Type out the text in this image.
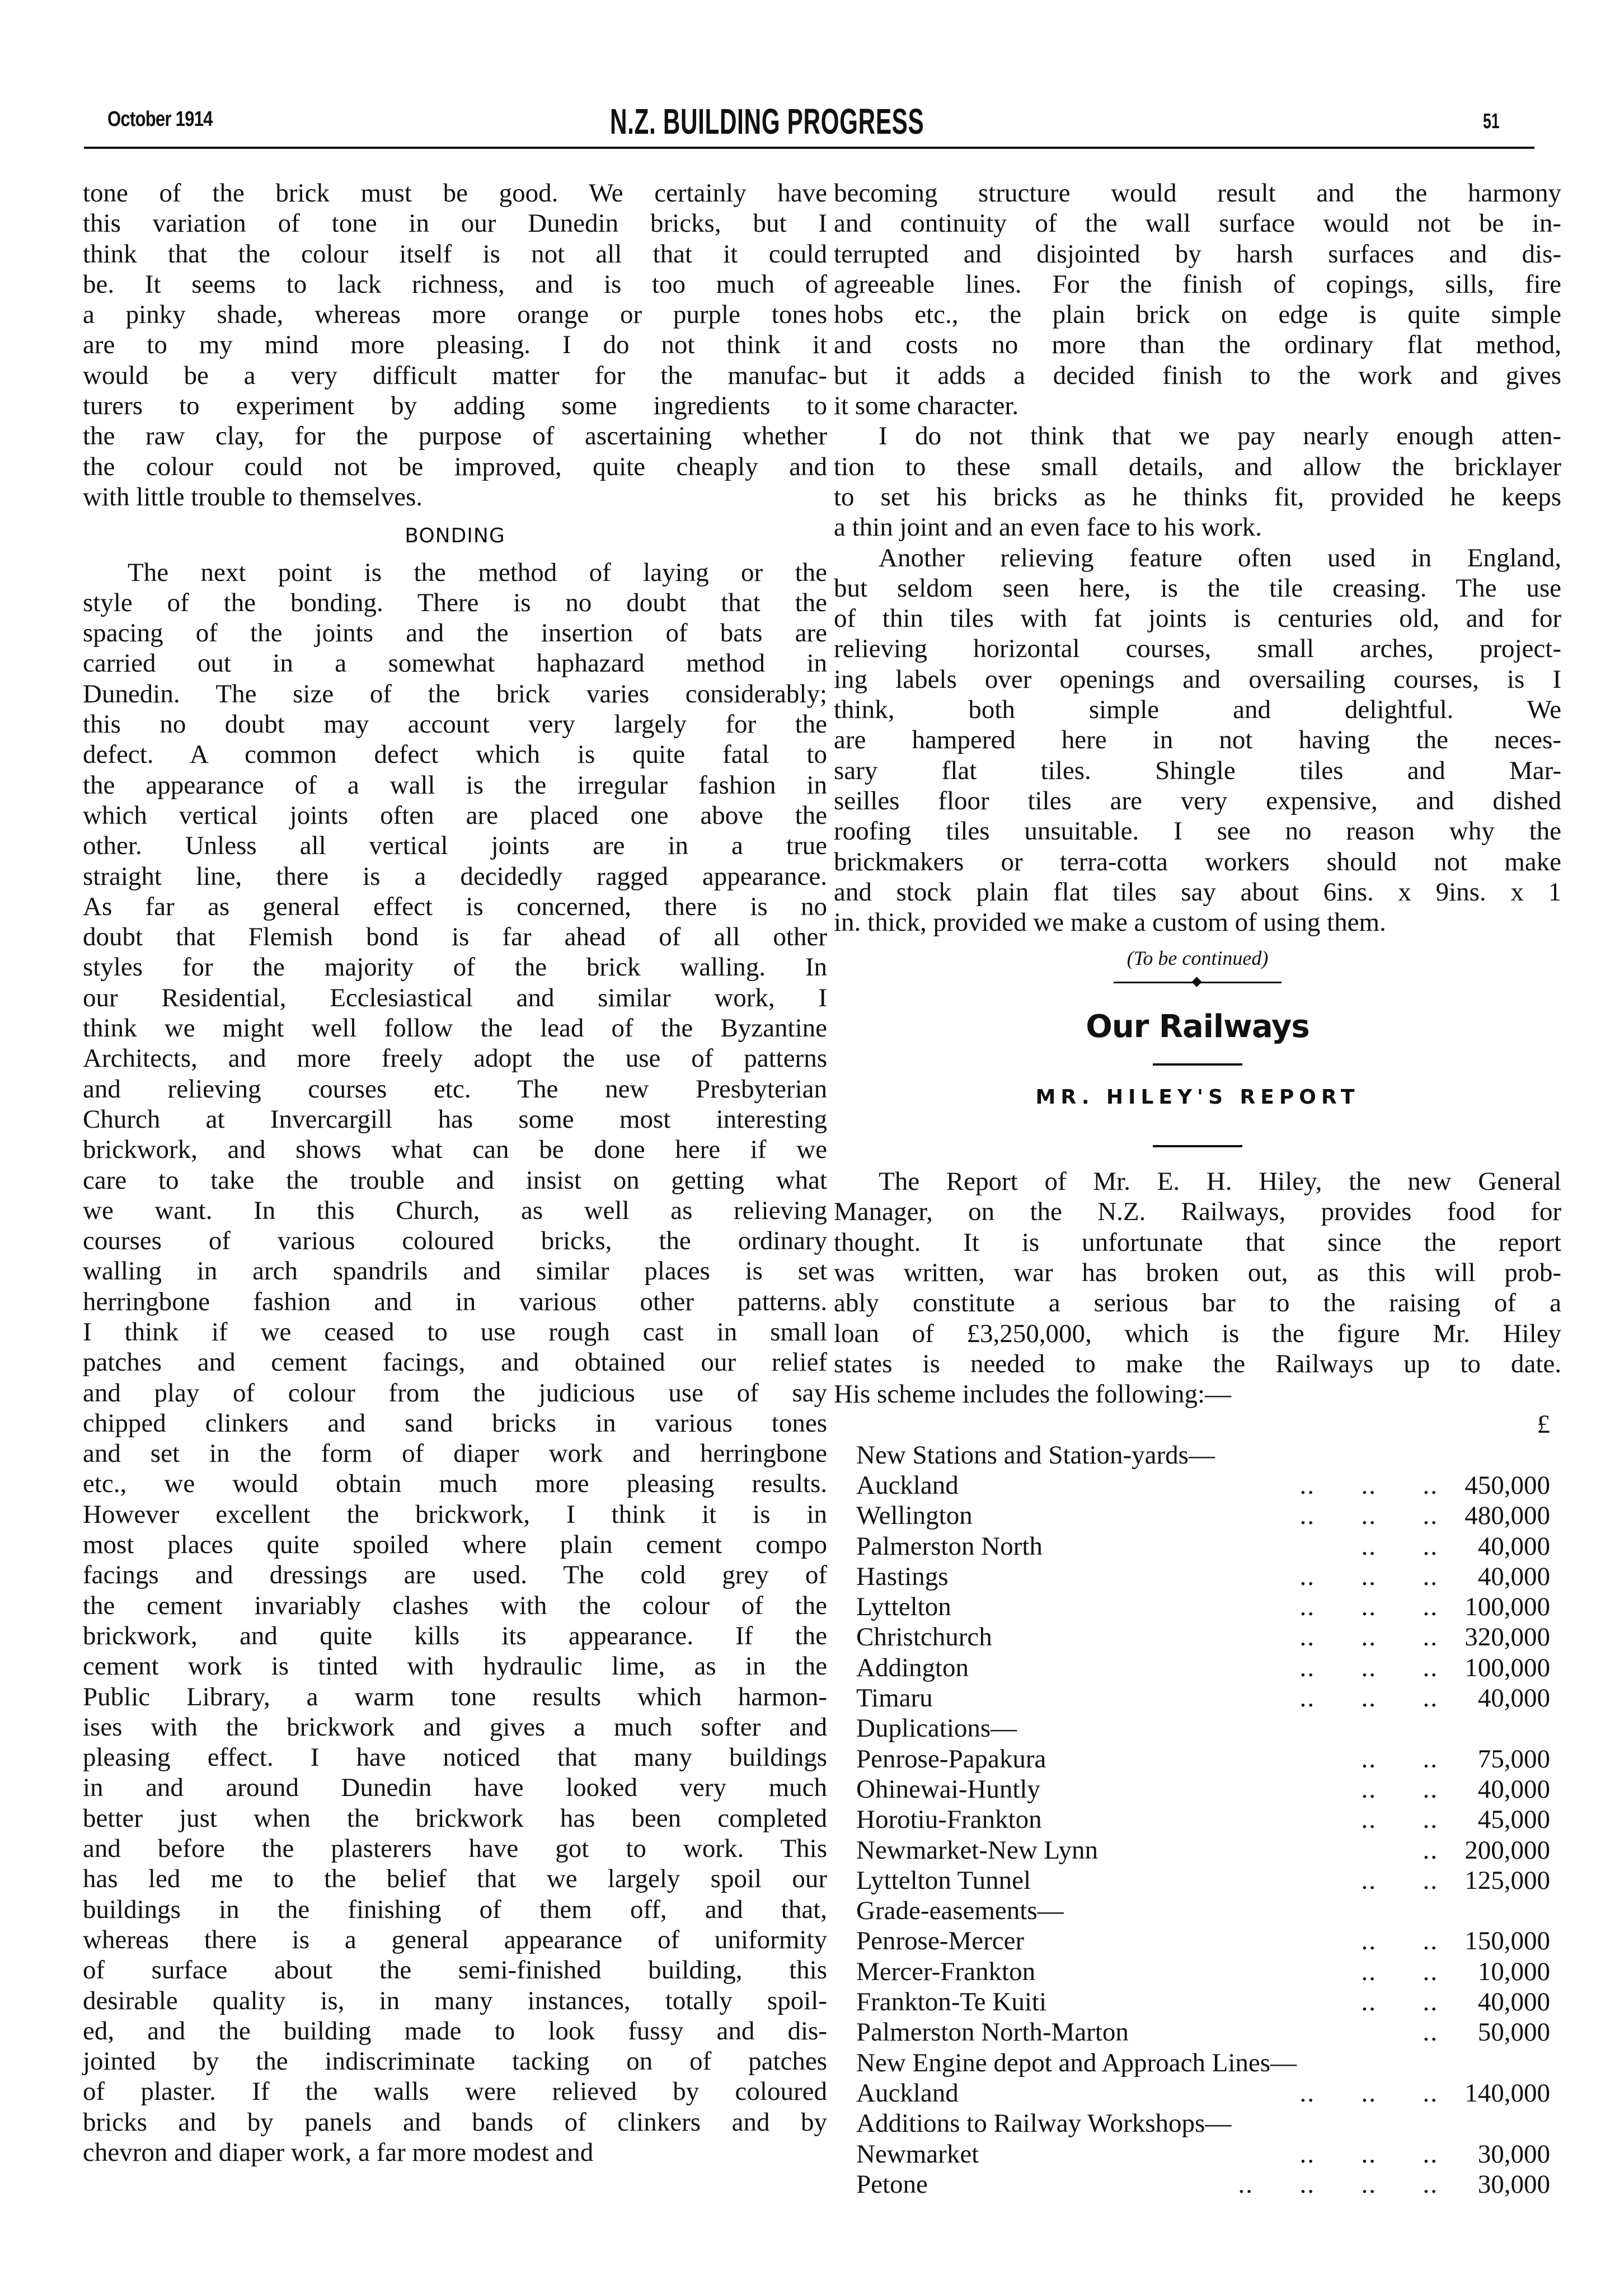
October 1914	N.Z. BUILDING PROGRESS	51
tone of the brick must be good. We certainly have
this variation of tone in our Dunedin bricks, but I
think that the colour itself is not all that it could
be. It seems to lack richness, and is too much of
a pinky shade, whereas more orange or purple tones
are to my mind more pleasing. I do not think it
would be a very difficult matter for the manufac-
turers to experiment by adding some ingredients to
the raw clay, for the purpose of ascertaining whether
the colour could not be improved, quite cheaply and
with little trouble to themselves.
BONDING
The next point is the method of laying or the
style of the bonding. There is no doubt that the
spacing of the joints and the insertion of bats are
carried out in a somewhat haphazard method in
Dunedin. The size of the brick varies considerably;
this no doubt may account very largely for the
defect. A common defect which is quite fatal to
the appearance of a wall is the irregular fashion in
which vertical joints often are placed one above the
other. Unless all vertical joints are in a true
straight line, there is a decidedly ragged appearance.
As far as general effect is concerned, there is no
doubt that Flemish bond is far ahead of all other
styles for the majority of the brick walling. In
our Residential, Ecclesiastical and similar work, I
think we might well follow the lead of the Byzantine
Architects, and more freely adopt the use of patterns
and relieving courses etc. The new Presbyterian
Church at Invercargill has some most interesting
brickwork, and shows what can be done here if we
care to take the trouble and insist on getting what
we want. In this Church, as well as relieving
courses of various coloured bricks, the ordinary
walling in arch spandrils and similar places is set
herringbone fashion and in various other patterns.
I think if we ceased to use rough cast in small
patches and cement facings, and obtained our relief
and play of colour from the judicious use of say
chipped clinkers and sand bricks in various tones
and set in the form of diaper work and herringbone
etc., we would obtain much more pleasing results.
However excellent the brickwork, I think it is in
most places quite spoiled where plain cement compo
facings and dressings are used. The cold grey of
the cement invariably clashes with the colour of the
brickwork, and quite kills its appearance. If the
cement work is tinted with hydraulic lime, as in the
Public Library, a warm tone results which harmon-
ises with the brickwork and gives a much softer and
pleasing effect. I have noticed that many buildings
in and around Dunedin have looked very much
better just when the brickwork has been completed
and before the plasterers have got to work. This
has led me to the belief that we largely spoil our
buildings in the finishing of them off, and that,
whereas there is a general appearance of uniformity
of surface about the semi-finished building, this
desirable quality is, in many instances, totally spoil-
ed, and the building made to look fussy and dis-
jointed by the indiscriminate tacking on of patches
of plaster. If the walls were relieved by coloured
bricks and by panels and bands of clinkers and by
chevron and diaper work, a far more modest and
becoming structure would result and the harmony
and continuity of the wall surface would not be in-
terrupted and disjointed by harsh surfaces and dis-
agreeable lines. For the finish of copings, sills, fire
hobs etc., the plain brick on edge is quite simple
and costs no more than the ordinary flat method,
but it adds a decided finish to the work and gives
it some character.
I do not think that we pay nearly enough atten-
tion to these small details, and allow the bricklayer
to set his bricks as he thinks fit, provided he keeps
a thin joint and an even face to his work.
Another relieving feature often used in England,
but seldom seen here, is the tile creasing. The use
of thin tiles with fat joints is centuries old, and for
relieving horizontal courses, small arches, project-
ing labels over openings and oversailing courses, is I
think, both simple and delightful. We
are hampered here in not having the neces-
sary flat tiles. Shingle tiles and Mar-
seilles floor tiles are very expensive, and dished
roofing tiles unsuitable. I see no reason why the
brickmakers or terra-cotta workers should not make
and stock plain flat tiles say about 6ins. x 9ins. x 1
in. thick, provided we make a custom of using them.
(To be continued)
Our Railways
MR. HILEY'S REPORT
The Report of Mr. E. H. Hiley, the new General
Manager, on the N.Z. Railways, provides food for
thought. It is unfortunate that since the report
was written, war has broken out, as this will prob-
ably constitute a serious bar to the raising of a
loan of £3,250,000, which is the figure Mr. Hiley
states is needed to make the Railways up to date.
His scheme includes the following:—
		£
New Stations and Station-yards—		
Auckland	..      ..      ..	450,000
Wellington	..      ..      ..	480,000
Palmerston North	..      ..	40,000
Hastings	..      ..      ..	40,000
Lyttelton	..      ..      ..	100,000
Christchurch	..      ..      ..	320,000
Addington	..      ..      ..	100,000
Timaru	..      ..      ..	40,000
Duplications—		
Penrose-Papakura	..      ..	75,000
Ohinewai-Huntly	..      ..	40,000
Horotiu-Frankton	..      ..	45,000
Newmarket-New Lynn	..	200,000
Lyttelton Tunnel	..      ..	125,000
Grade-easements—		
Penrose-Mercer	..      ..	150,000
Mercer-Frankton	..      ..	10,000
Frankton-Te Kuiti	..      ..	40,000
Palmerston North-Marton	..	50,000
New Engine depot and Approach Lines—		
Auckland	..      ..      ..	140,000
Additions to Railway Workshops—		
Newmarket	..      ..      ..	30,000
Petone	..      ..      ..      ..	30,000
